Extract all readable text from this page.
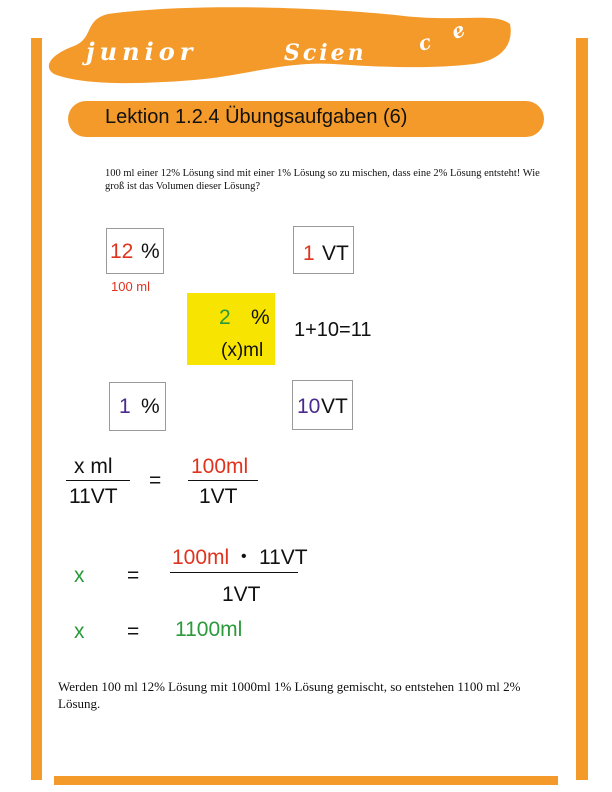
junior	Scien c e
Lektion 1.2.4 Übungsaufgaben (6)
100 ml einer 12% Lösung sind mit einer 1% Lösung so zu mischen, dass eine 2% Lösung entsteht! Wie groß ist das Volumen dieser Lösung?
12 %
100 ml
1 VT
2 %
(x)ml
1+10=11
1 %	10 VT
x ml
11VT
=
100ml
1VT
x =
100ml • 11VT
1VT
x = 1100ml
Werden 100 ml 12% Lösung mit 1000ml 1% Lösung gemischt, so entstehen 1100 ml 2% Lösung.
